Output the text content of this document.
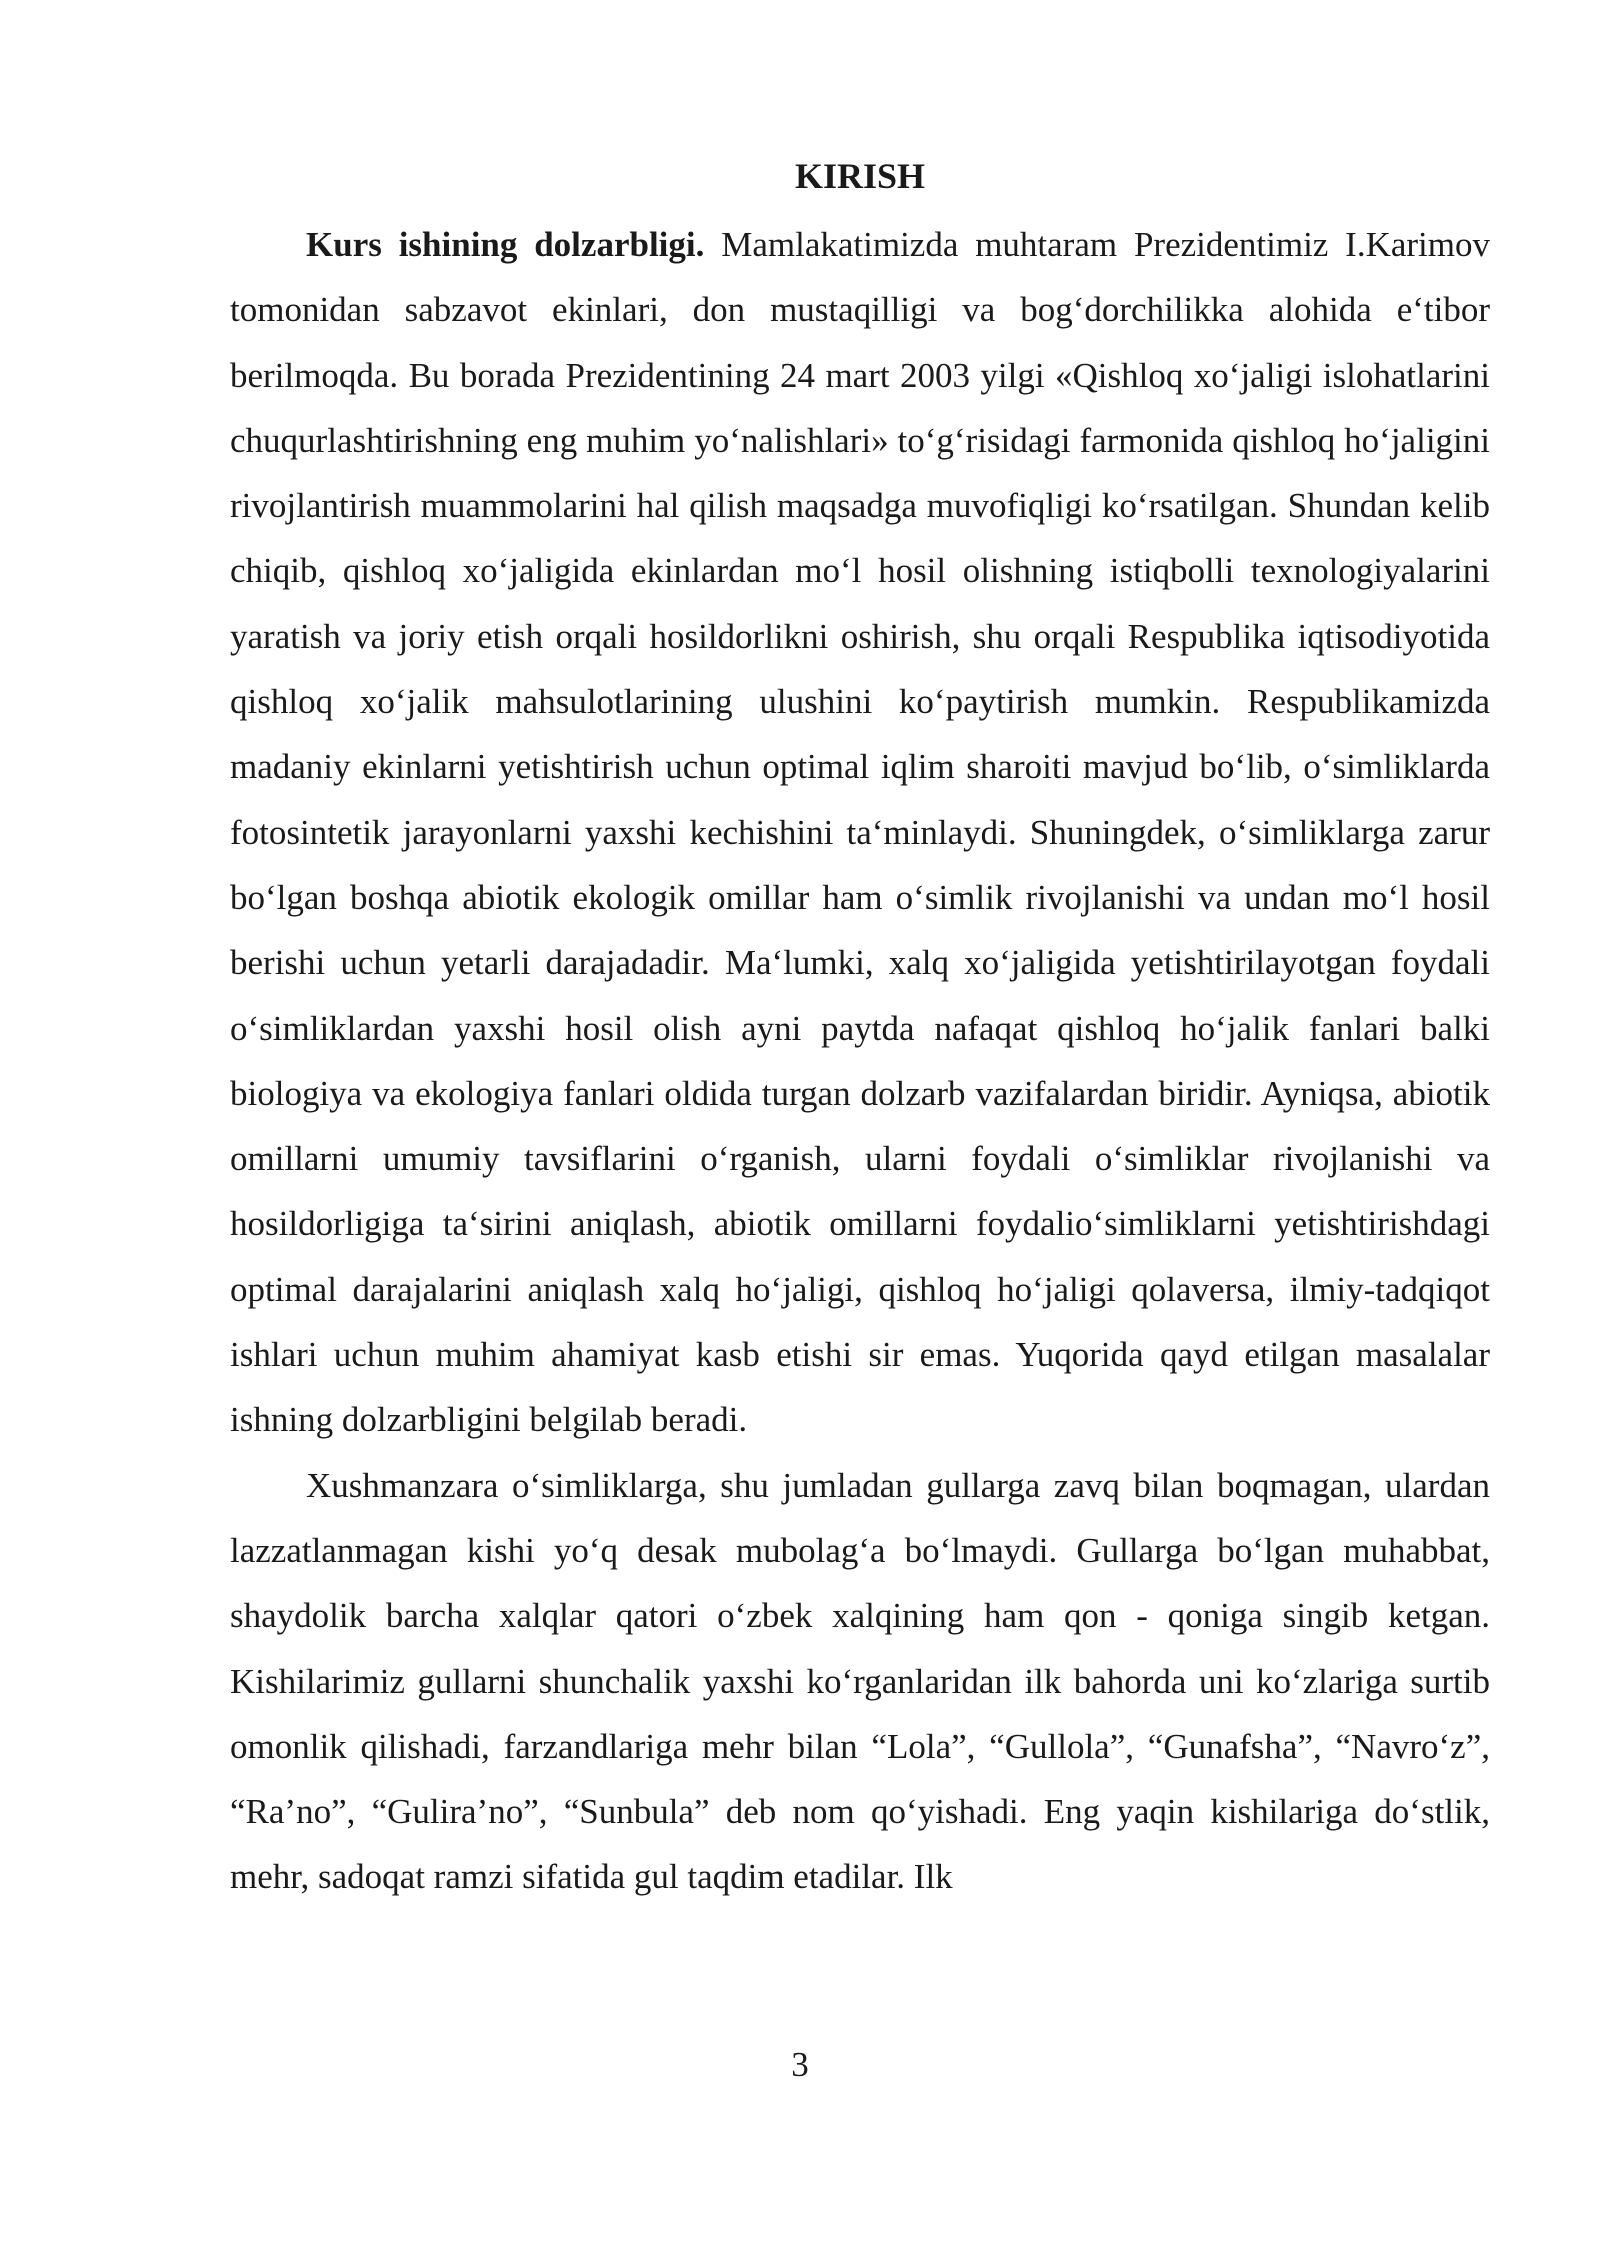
KIRISH

Kurs ishining dolzarbligi. Mamlakatimizda muhtaram Prezidentimiz I.Karimov tomonidan sabzavot ekinlari, don mustaqilligi va bog‘dorchilikka alohida e‘tibor berilmoqda. Bu borada Prezidentining 24 mart 2003 yilgi «Qishloq xo‘jaligi islohatlarini chuqurlashtirishning eng muhim yo‘nalishlari» to‘g‘risidagi farmonida qishloq ho‘jaligini rivojlantirish muammolarini hal qilish maqsadga muvofiqligi ko‘rsatilgan. Shundan kelib chiqib, qishloq xo‘jaligida ekinlardan mo‘l hosil olishning istiqbolli texnologiyalarini yaratish va joriy etish orqali hosildorlikni oshirish, shu orqali Respublika iqtisodiyotida qishloq xo‘jalik mahsulotlarining ulushini ko‘paytirish mumkin. Respublikamizda madaniy ekinlarni yetishtirish uchun optimal iqlim sharoiti mavjud bo‘lib, o‘simliklarda fotosintetik jarayonlarni yaxshi kechishini ta‘minlaydi. Shuningdek, o‘simliklarga zarur bo‘lgan boshqa abiotik ekologik omillar ham o‘simlik rivojlanishi va undan mo‘l hosil berishi uchun yetarli darajadadir. Ma‘lumki, xalq xo‘jaligida yetishtirilayotgan foydali o‘simliklardan yaxshi hosil olish ayni paytda nafaqat qishloq ho‘jalik fanlari balki biologiya va ekologiya fanlari oldida turgan dolzarb vazifalardan biridir. Ayniqsa, abiotik omillarni umumiy tavsiflarini o‘rganish, ularni foydali o‘simliklar rivojlanishi va hosildorligiga ta‘sirini aniqlash, abiotik omillarni foydalio‘simliklarni yetishtirishdagi optimal darajalarini aniqlash xalq ho‘jaligi, qishloq ho‘jaligi qolaversa, ilmiy-tadqiqot ishlari uchun muhim ahamiyat kasb etishi sir emas. Yuqorida qayd etilgan masalalar ishning dolzarbligini belgilab beradi.

Xushmanzara o‘simliklarga, shu jumladan gullarga zavq bilan boqmagan, ulardan lazzatlanmagan kishi yo‘q desak mubolag‘a bo‘lmaydi. Gullarga bo‘lgan muhabbat, shaydolik barcha xalqlar qatori o‘zbek xalqining ham qon - qoniga singib ketgan. Kishilarimiz gullarni shunchalik yaxshi ko‘rganlaridan ilk bahorda uni ko‘zlariga surtib omonlik qilishadi, farzandlariga mehr bilan “Lola”, “Gullola”, “Gunafsha”, “Navro‘z”, “Ra’no”, “Gulira’no”, “Sunbula” deb nom qo‘yishadi. Eng yaqin kishilariga do‘stlik, mehr, sadoqat ramzi sifatida gul taqdim etadilar. Ilk

3
